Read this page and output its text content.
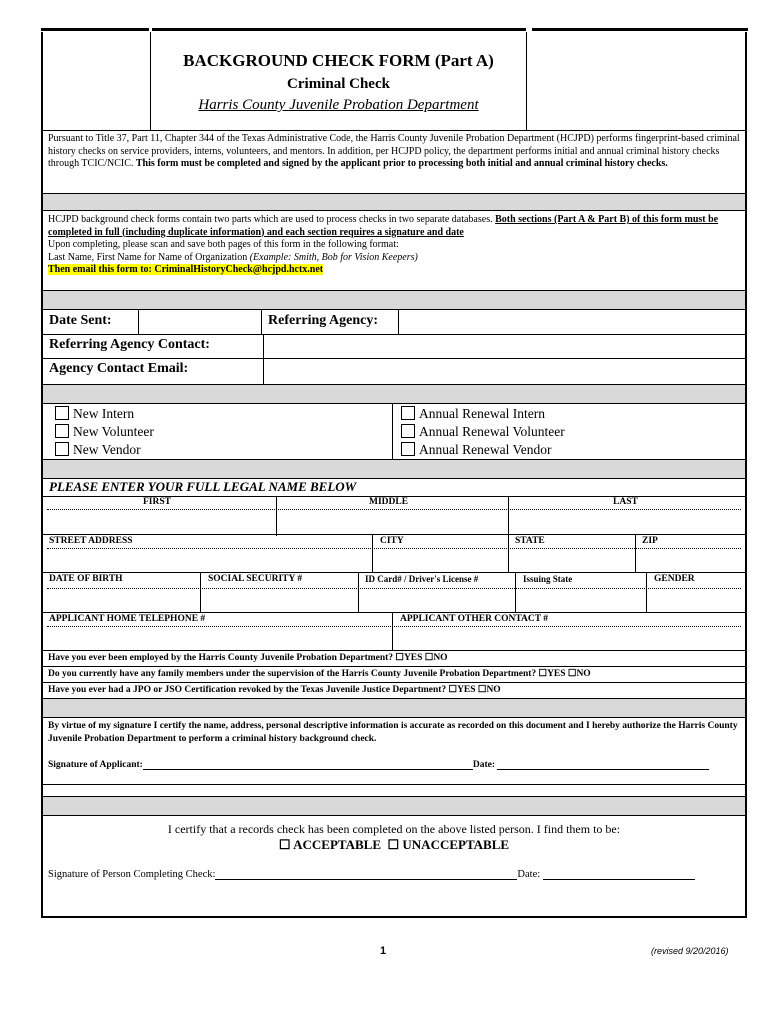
BACKGROUND CHECK FORM (Part A)
Criminal Check
Harris County Juvenile Probation Department
Pursuant to Title 37, Part 11, Chapter 344 of the Texas Administrative Code, the Harris County Juvenile Probation Department (HCJPD) performs fingerprint-based criminal history checks on service providers, interns, volunteers, and mentors. In addition, per HCJPD policy, the department performs initial and annual criminal history checks through TCIC/NCIC. This form must be completed and signed by the applicant prior to processing both initial and annual criminal history checks.
HCJPD background check forms contain two parts which are used to process checks in two separate databases. Both sections (Part A & Part B) of this form must be completed in full (including duplicate information) and each section requires a signature and date
Upon completing, please scan and save both pages of this form in the following format:
Last Name, First Name for Name of Organization (Example: Smith, Bob for Vision Keepers)
Then email this form to: CriminalHistoryCheck@hcjpd.hctx.net
Date Sent:	Referring Agency:
Referring Agency Contact:
Agency Contact Email:
New Intern
New Volunteer
New Vendor
Annual Renewal Intern
Annual Renewal Volunteer
Annual Renewal Vendor
PLEASE ENTER YOUR FULL LEGAL NAME BELOW
FIRST	MIDDLE	LAST
STREET ADDRESS	CITY	STATE	ZIP
DATE OF BIRTH	SOCIAL SECURITY #	ID Card# / Driver's License #	Issuing State	GENDER
APPLICANT HOME TELEPHONE #	APPLICANT OTHER CONTACT #
Have you ever been employed by the Harris County Juvenile Probation Department? ☐YES ☐NO
Do you currently have any family members under the supervision of the Harris County Juvenile Probation Department? ☐YES ☐NO
Have you ever had a JPO or JSO Certification revoked by the Texas Juvenile Justice Department? ☐YES ☐NO
By virtue of my signature I certify the name, address, personal descriptive information is accurate as recorded on this document and I hereby authorize the Harris County Juvenile Probation Department to perform a criminal history background check.
Signature of Applicant:	Date:
I certify that a records check has been completed on the above listed person. I find them to be:
☐ ACCEPTABLE ☐ UNACCEPTABLE
Signature of Person Completing Check:	Date:
1	(revised 9/20/2016)
